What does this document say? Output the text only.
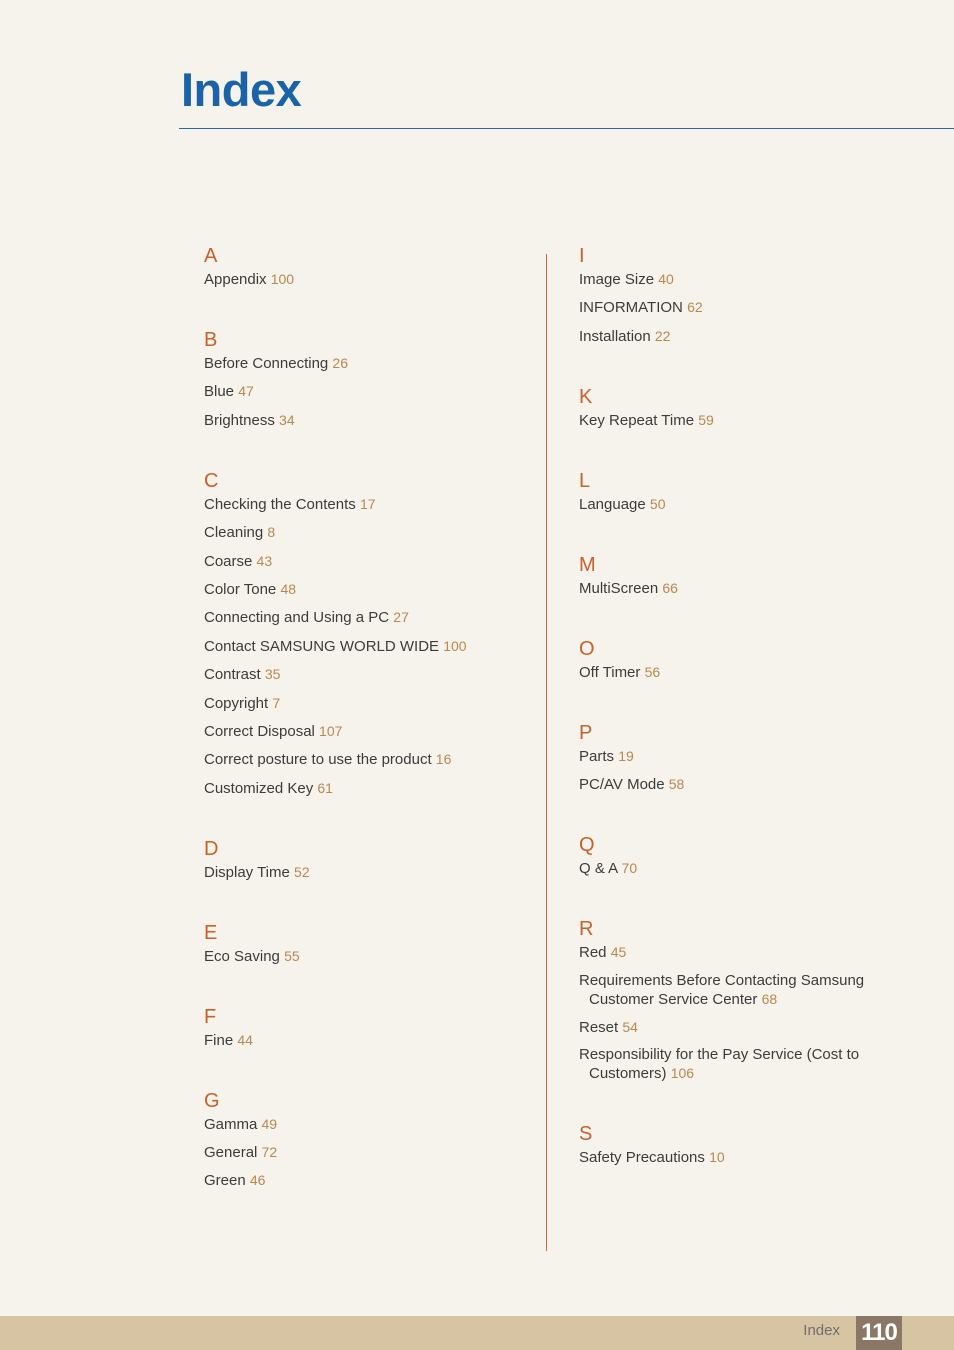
Index
A
Appendix 100
B
Before Connecting 26
Blue 47
Brightness 34
C
Checking the Contents 17
Cleaning 8
Coarse 43
Color Tone 48
Connecting and Using a PC 27
Contact SAMSUNG WORLD WIDE 100
Contrast 35
Copyright 7
Correct Disposal 107
Correct posture to use the product 16
Customized Key 61
D
Display Time 52
E
Eco Saving 55
F
Fine 44
G
Gamma 49
General 72
Green 46
I
Image Size 40
INFORMATION 62
Installation 22
K
Key Repeat Time 59
L
Language 50
M
MultiScreen 66
O
Off Timer 56
P
Parts 19
PC/AV Mode 58
Q
Q & A 70
R
Red 45
Requirements Before Contacting Samsung
Customer Service Center 68
Reset 54
Responsibility for the Pay Service (Cost to
Customers) 106
S
Safety Precautions 10
Index 110
